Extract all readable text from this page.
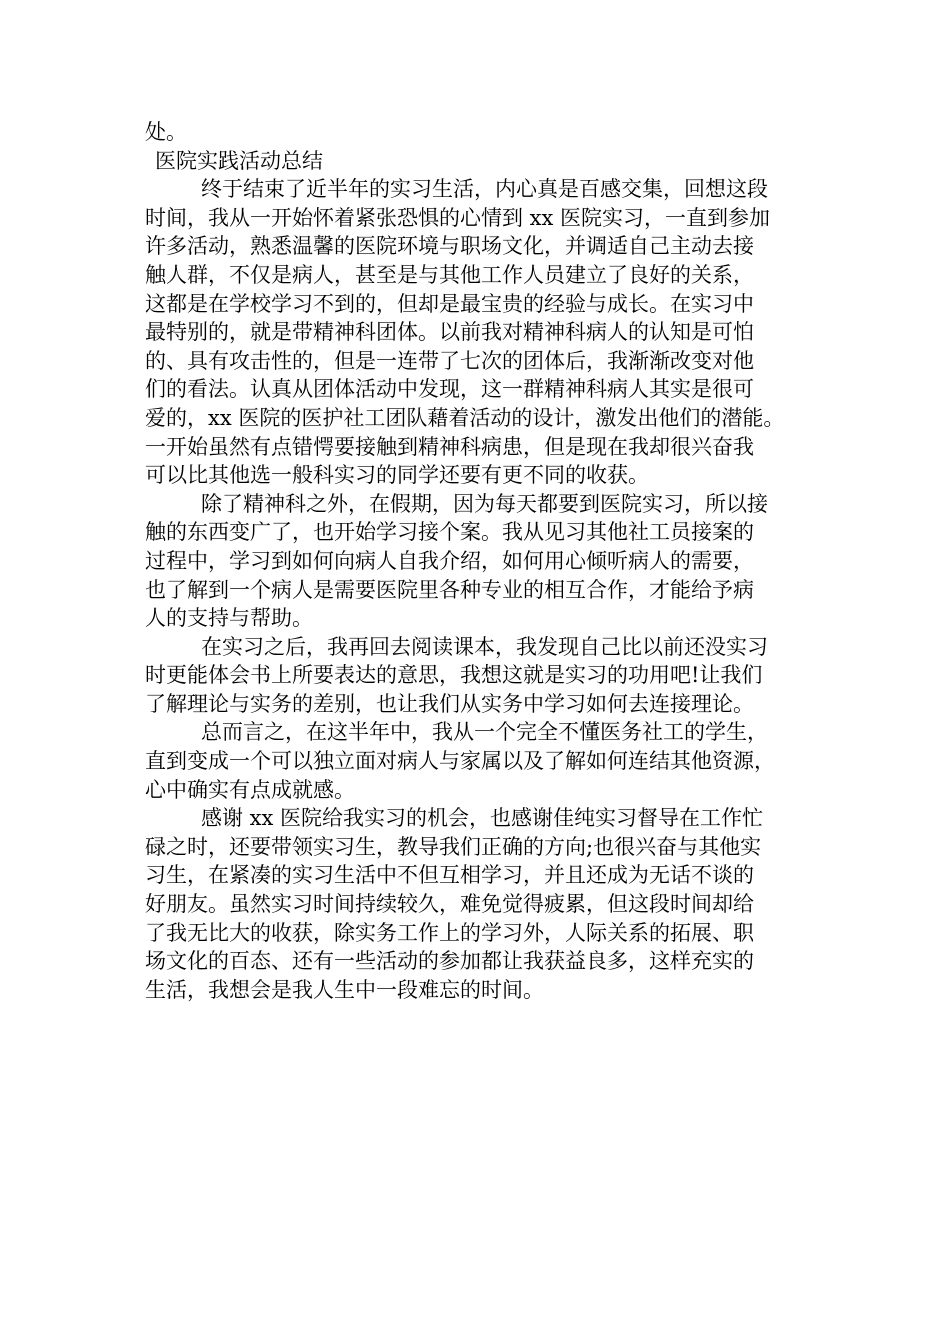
处。
医院实践活动总结
终于结束了近半年的实习生活，内心真是百感交集，回想这段
时间，我从一开始怀着紧张恐惧的心情到 xx 医院实习，一直到参加
许多活动，熟悉温馨的医院环境与职场文化，并调适自己主动去接
触人群，不仅是病人，甚至是与其他工作人员建立了良好的关系，
这都是在学校学习不到的，但却是最宝贵的经验与成长。在实习中
最特别的，就是带精神科团体。以前我对精神科病人的认知是可怕
的、具有攻击性的，但是一连带了七次的团体后，我渐渐改变对他
们的看法。认真从团体活动中发现，这一群精神科病人其实是很可
爱的，xx 医院的医护社工团队藉着活动的设计，激发出他们的潜能。
一开始虽然有点错愕要接触到精神科病患，但是现在我却很兴奋我
可以比其他选一般科实习的同学还要有更不同的收获。
除了精神科之外，在假期，因为每天都要到医院实习，所以接
触的东西变广了，也开始学习接个案。我从见习其他社工员接案的
过程中，学习到如何向病人自我介绍，如何用心倾听病人的需要，
也了解到一个病人是需要医院里各种专业的相互合作，才能给予病
人的支持与帮助。
在实习之后，我再回去阅读课本，我发现自己比以前还没实习
时更能体会书上所要表达的意思，我想这就是实习的功用吧!让我们
了解理论与实务的差别，也让我们从实务中学习如何去连接理论。
总而言之，在这半年中，我从一个完全不懂医务社工的学生，
直到变成一个可以独立面对病人与家属以及了解如何连结其他资源，
心中确实有点成就感。
感谢 xx 医院给我实习的机会，也感谢佳纯实习督导在工作忙
碌之时，还要带领实习生，教导我们正确的方向;也很兴奋与其他实
习生，在紧凑的实习生活中不但互相学习，并且还成为无话不谈的
好朋友。虽然实习时间持续较久，难免觉得疲累，但这段时间却给
了我无比大的收获，除实务工作上的学习外，人际关系的拓展、职
场文化的百态、还有一些活动的参加都让我获益良多，这样充实的
生活，我想会是我人生中一段难忘的时间。
